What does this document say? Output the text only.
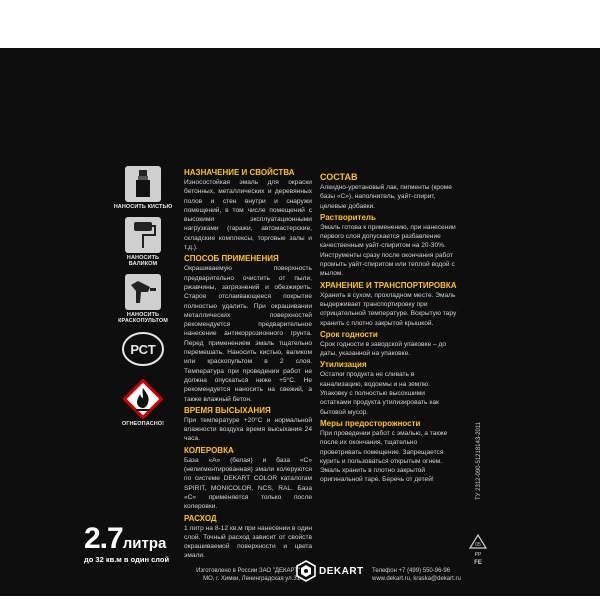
НАНОСИТЬ КИСТЬЮ
НАНОСИТЬ ВАЛИКОМ
НАНОСИТЬ КРАСКОПУЛЬТОМ
РСТ
ОГНЕОПАСНО!
НАЗНАЧЕНИЕ И СВОЙСТВА
Износостойкая эмаль для окраски бетонных, металлических и деревянных полов и стен внутри и снаружи помещений, в том числе помещений с высокими эксплуатационными нагрузками (гаражи, автомастерские, складские комплексы, торговые залы и т.д.).
СПОСОБ ПРИМЕНЕНИЯ
Окрашиваемую поверхность предварительно очистить от пыли, ржавчины, загрязнений и обезжирить. Старое отслаивающееся покрытие полностью удалить. При окрашивании металлических поверхностей рекомендуется предварительное нанесение антикоррозионного грунта. Перед применением эмаль тщательно перемешать. Наносить кистью, валиком или краскопультом в 2 слоя. Температура при проведении работ не должна опускаться ниже +5°С. Не рекомендуется наносить на свежий, а также влажный бетон.
ВРЕМЯ ВЫСЫХАНИЯ
При температуре +20°С и нормальной влажности воздуха время высыхания 24 часа.
КОЛЕРОВКА
База «А» (белая) и база «С» (непигментированная) эмали колеруются по системе DEKART COLOR каталогам SPIRIT, MONICOLOR, NCS, RAL. База «С» применяется только после колеровки.
РАСХОД
1 литр на 8-12 кв.м при нанесении в один слой. Точный расход зависит от свойств окрашиваемой поверхности и цвета эмали.
СОСТАВ
Алкидно-уретановый лак, пигменты (кроме базы «С»), наполнитель, уайт-спирит, целевые добавки.
Растворитель
Эмаль готова к применению, при нанесении первого слоя допускается разбавление качественным уайт-спиритом на 20-30%. Инструменты сразу после окончания работ промыть уайт-спиритом или теплой водой с мылом.
ХРАНЕНИЕ И ТРАНСПОРТИРОВКА
Хранить в сухом, прохладном месте. Эмаль выдерживает транспортировку при отрицательной температуре. Вскрытую тару хранить с плотно закрытой крышкой.
Срок годности
Срок годности в заводской упаковке – до даты, указанной на упаковке.
Утилизация
Остатки продукта не сливать в канализацию, водоемы и на землю. Упаковку с полностью высохшими остатками продукта утилизировать как бытовой мусор.
Меры предосторожности
При проведении работ с эмалью, а также после их окончания, тщательно проветривать помещение. Запрещается курить и пользоваться открытым огнем. Эмаль хранить в плотно закрытой оригинальной таре. Беречь от детей!
2.7литра
до 32 кв.м в один слой
Изготовлено в России ЗАО "ДЕКАРТ"
МО, г. Химки, Ленинградская ул.31
DEKART Телефон +7 (499) 550-96-96
www.dekart.ru, kraska@dekart.ru
ТУ 2312-090-51218143-2011
05
PP
FE
